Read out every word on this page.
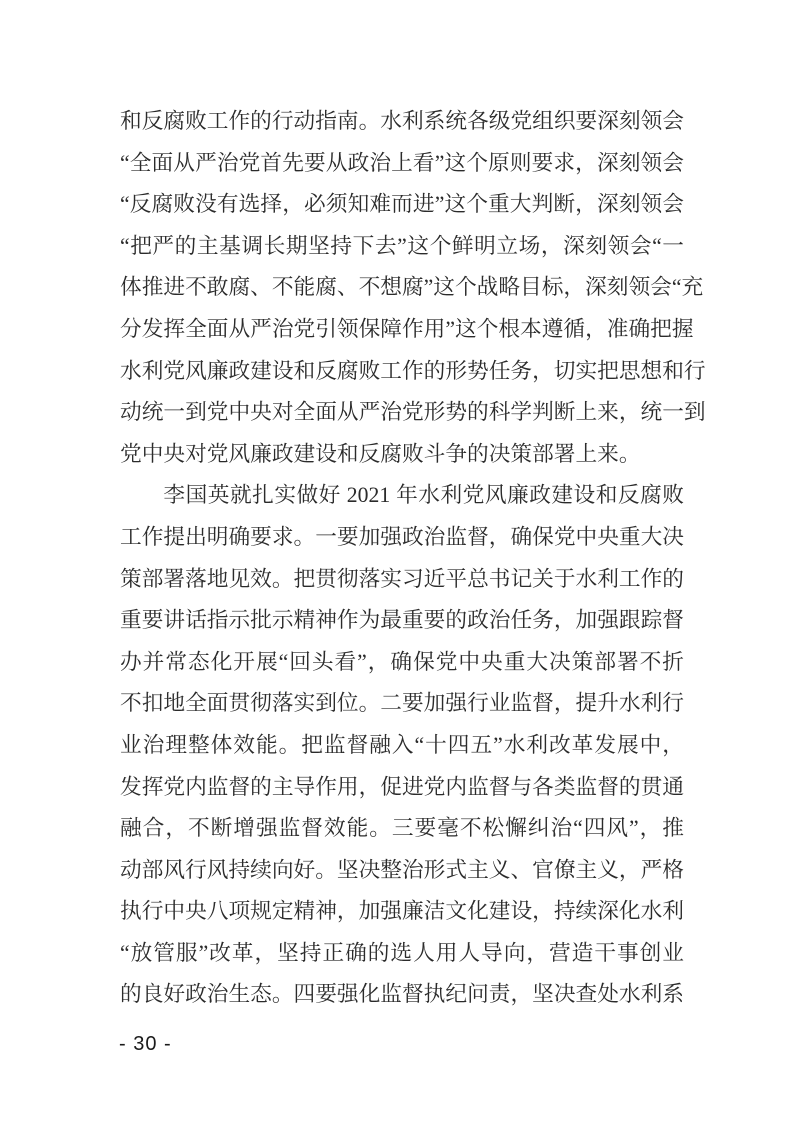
和反腐败工作的行动指南。水利系统各级党组织要深刻领会
“全面从严治党首先要从政治上看”这个原则要求，深刻领会
“反腐败没有选择，必须知难而进”这个重大判断，深刻领会
“把严的主基调长期坚持下去”这个鲜明立场，深刻领会“一
体推进不敢腐、不能腐、不想腐”这个战略目标，深刻领会“充
分发挥全面从严治党引领保障作用”这个根本遵循，准确把握
水利党风廉政建设和反腐败工作的形势任务，切实把思想和行
动统一到党中央对全面从严治党形势的科学判断上来，统一到
党中央对党风廉政建设和反腐败斗争的决策部署上来。
李国英就扎实做好 2021 年水利党风廉政建设和反腐败
工作提出明确要求。一要加强政治监督，确保党中央重大决
策部署落地见效。把贯彻落实习近平总书记关于水利工作的
重要讲话指示批示精神作为最重要的政治任务，加强跟踪督
办并常态化开展“回头看”，确保党中央重大决策部署不折
不扣地全面贯彻落实到位。二要加强行业监督，提升水利行
业治理整体效能。把监督融入“十四五”水利改革发展中，
发挥党内监督的主导作用，促进党内监督与各类监督的贯通
融合，不断增强监督效能。三要毫不松懈纠治“四风”，推
动部风行风持续向好。坚决整治形式主义、官僚主义，严格
执行中央八项规定精神，加强廉洁文化建设，持续深化水利
“放管服”改革，坚持正确的选人用人导向，营造干事创业
的良好政治生态。四要强化监督执纪问责，坚决查处水利系
- 30 -
